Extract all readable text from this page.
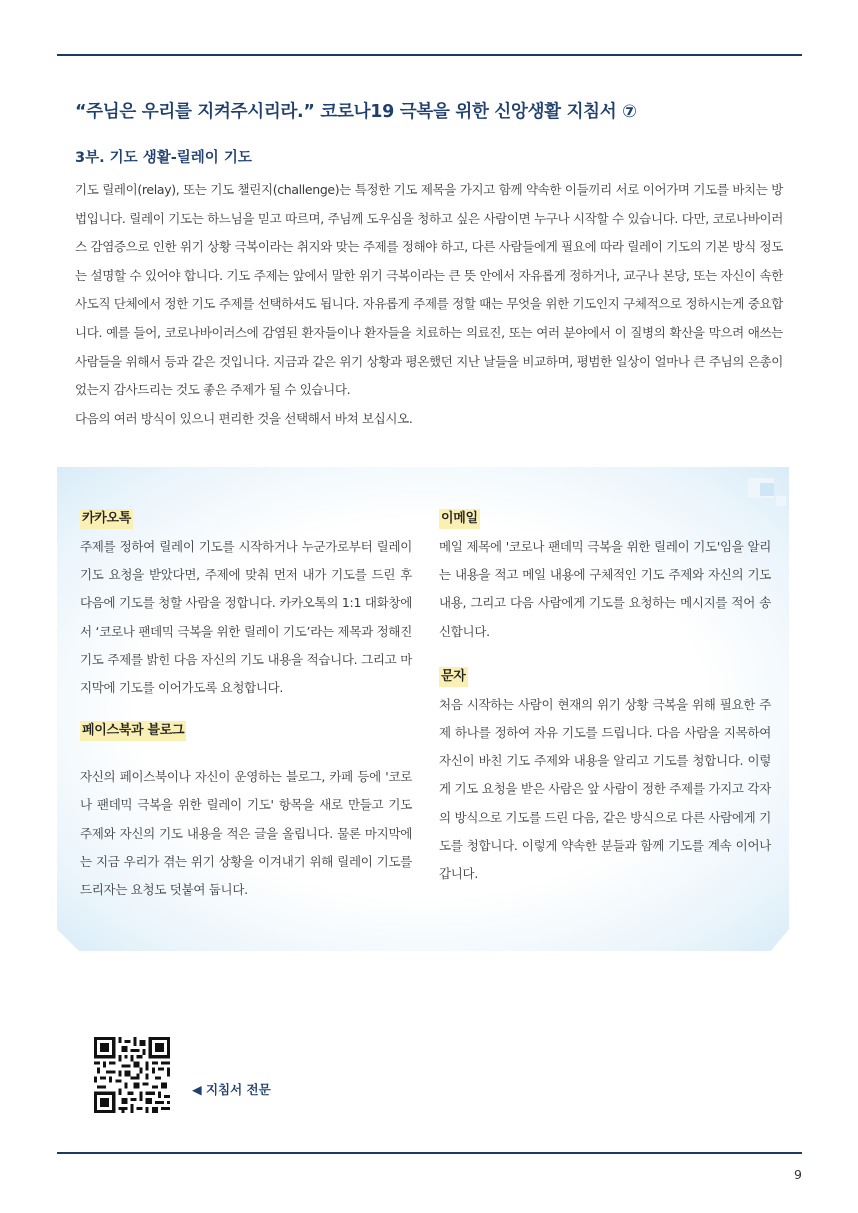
“주님은 우리를 지켜주시리라.” 코로나19 극복을 위한 신앙생활 지침서 ⑦
3부. 기도 생활-릴레이 기도

기도 릴레이(relay), 또는 기도 챌린지(challenge)는 특정한 기도 제목을 가지고 함께 약속한 이들끼리 서로 이어가며 기도를 바치는 방법입니다. 릴레이 기도는 하느님을 믿고 따르며, 주님께 도우심을 청하고 싶은 사람이면 누구나 시작할 수 있습니다. 다만, 코로나바이러스 감염증으로 인한 위기 상황 극복이라는 취지와 맞는 주제를 정해야 하고, 다른 사람들에게 필요에 따라 릴레이 기도의 기본 방식 정도는 설명할 수 있어야 합니다. 기도 주제는 앞에서 말한 위기 극복이라는 큰 뜻 안에서 자유롭게 정하거나, 교구나 본당, 또는 자신이 속한 사도직 단체에서 정한 기도 주제를 선택하셔도 됩니다. 자유롭게 주제를 정할 때는 무엇을 위한 기도인지 구체적으로 정하시는게 중요합니다. 예를 들어, 코로나바이러스에 감염된 환자들이나 환자들을 치료하는 의료진, 또는 여러 분야에서 이 질병의 확산을 막으려 애쓰는 사람들을 위해서 등과 같은 것입니다. 지금과 같은 위기 상황과 평온했던 지난 날들을 비교하며, 평범한 일상이 얼마나 큰 주님의 은총이었는지 감사드리는 것도 좋은 주제가 될 수 있습니다.

다음의 여러 방식이 있으니 편리한 것을 선택해서 바쳐 보십시오.

카카오톡

주제를 정하여 릴레이 기도를 시작하거나 누군가로부터 릴레이 기도 요청을 받았다면, 주제에 맞춰 먼저 내가 기도를 드린 후 다음에 기도를 청할 사람을 정합니다. 카카오톡의 1:1 대화창에서 ‘코로나 팬데믹 극복을 위한 릴레이 기도’라는 제목과 정해진 기도 주제를 밝힌 다음 자신의 기도 내용을 적습니다. 그리고 마지막에 기도를 이어가도록 요청합니다.

페이스북과 블로그

자신의 페이스북이나 자신이 운영하는 블로그, 카페 등에 '코로나 팬데믹 극복을 위한 릴레이 기도' 항목을 새로 만들고 기도 주제와 자신의 기도 내용을 적은 글을 올립니다. 물론 마지막에는 지금 우리가 겪는 위기 상황을 이겨내기 위해 릴레이 기도를 드리자는 요청도 덧붙여 둡니다.

이메일

메일 제목에 '코로나 팬데믹 극복을 위한 릴레이 기도'임을 알리는 내용을 적고 메일 내용에 구체적인 기도 주제와 자신의 기도 내용, 그리고 다음 사람에게 기도를 요청하는 메시지를 적어 송신합니다.

문자

처음 시작하는 사람이 현재의 위기 상황 극복을 위해 필요한 주제 하나를 정하여 자유 기도를 드립니다. 다음 사람을 지목하여 자신이 바친 기도 주제와 내용을 알리고 기도를 청합니다. 이렇게 기도 요청을 받은 사람은 앞 사람이 정한 주제를 가지고 각자의 방식으로 기도를 드린 다음, 같은 방식으로 다른 사람에게 기도를 청합니다. 이렇게 약속한 분들과 함께 기도를 계속 이어나갑니다.

◀ 지침서 전문
9
